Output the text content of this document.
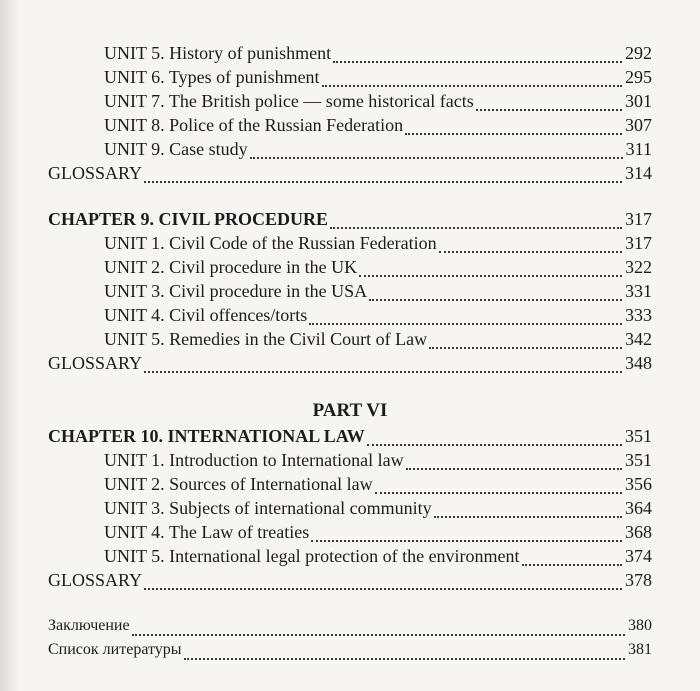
UNIT 5. History of punishment	292
UNIT 6. Types of punishment	295
UNIT 7. The British police — some historical facts	301
UNIT 8. Police of the Russian Federation	307
UNIT 9. Case study	311
GLOSSARY	314
CHAPTER 9. CIVIL PROCEDURE	317
UNIT 1. Civil Code of the Russian Federation	317
UNIT 2. Civil procedure in the UK	322
UNIT 3. Civil procedure in the USA	331
UNIT 4. Civil offences/torts	333
UNIT 5. Remedies in the Civil Court of Law	342
GLOSSARY	348
CHAPTER 10. INTERNATIONAL LAW	351
UNIT 1. Introduction to International law	351
UNIT 2. Sources of International law	356
UNIT 3. Subjects of international community	364
UNIT 4. The Law of treaties	368
UNIT 5. International legal protection of the environment	374
GLOSSARY	378
Заключение	380
Список литературы	381
PART VI
